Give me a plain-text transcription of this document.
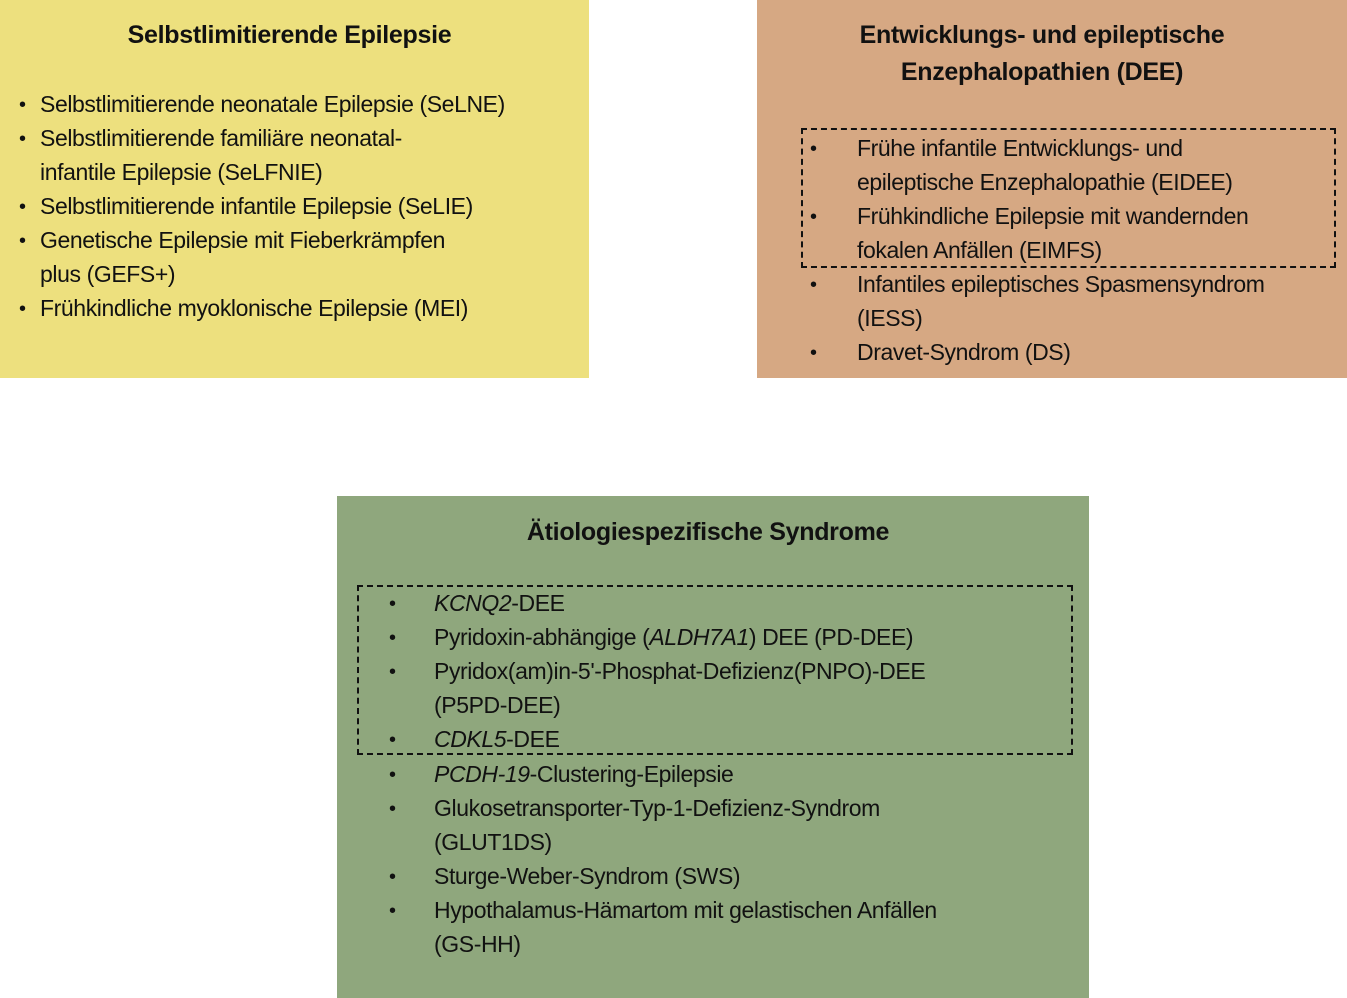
Selbstlimitierende Epilepsie
• Selbstlimitierende neonatale Epilepsie (SeLNE)
• Selbstlimitierende familiäre neonatal-
infantile Epilepsie (SeLFNIE)
• Selbstlimitierende infantile Epilepsie (SeLIE)
• Genetische Epilepsie mit Fieberkrämpfen
plus (GEFS+)
• Frühkindliche myoklonische Epilepsie (MEI)
Entwicklungs- und epileptische
Enzephalopathien (DEE)
• Frühe infantile Entwicklungs- und
epileptische Enzephalopathie (EIDEE)
• Frühkindliche Epilepsie mit wandernden
fokalen Anfällen (EIMFS)
• Infantiles epileptisches Spasmensyndrom
(IESS)
• Dravet-Syndrom (DS)
Ätiologiespezifische Syndrome
• KCNQ2-DEE
• Pyridoxin-abhängige (ALDH7A1) DEE (PD-DEE)
• Pyridox(am)in-5'-Phosphat-Defizienz(PNPO)-DEE
(P5PD-DEE)
• CDKL5-DEE
• PCDH-19-Clustering-Epilepsie
• Glukosetransporter-Typ-1-Defizienz-Syndrom
(GLUT1DS)
• Sturge-Weber-Syndrom (SWS)
• Hypothalamus-Hämartom mit gelastischen Anfällen
(GS-HH)
